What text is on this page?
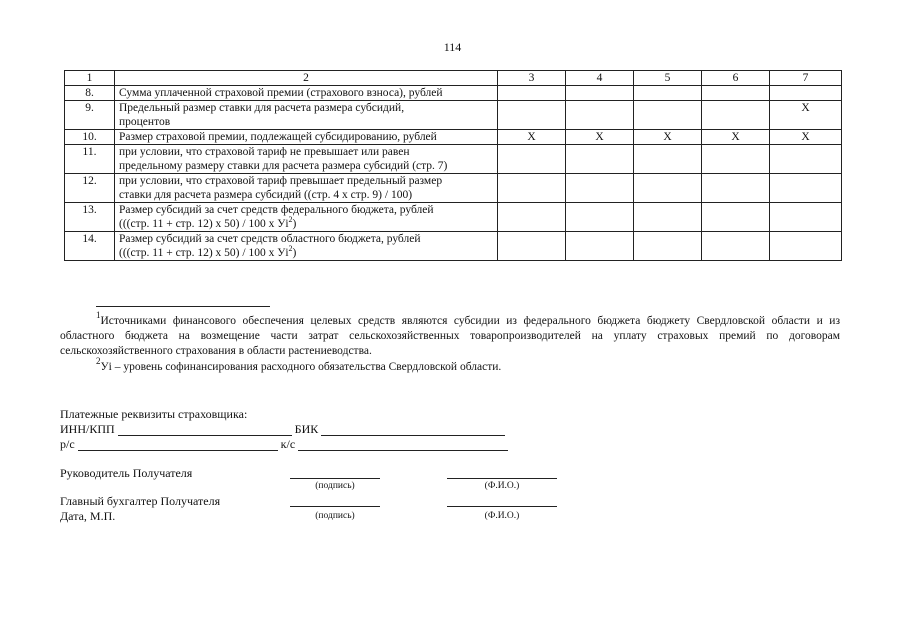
114
1	2	3	4	5	6	7
8.	Сумма уплаченной страховой премии (страхового взноса), рублей					

9.	Предельный размер ставки для расчета размера субсидий,
процентов					X
10.	Размер страховой премии, подлежащей субсидированию, рублей	X	X	X	X	X
11.	при условии, что страховой тариф не превышает или равен
предельному размеру ставки для расчета размера субсидий (стр. 7)					

12.	при условии, что страховой тариф превышает предельный размер
ставки для расчета размера субсидий ((стр. 4 х стр. 9) / 100)					

13.	Размер субсидий за счет средств федерального бюджета, рублей
(((стр. 11 + стр. 12) х 50) / 100 х $Уi^2$)					

14.	Размер субсидий за счет средств областного бюджета, рублей
(((стр. 11 + стр. 12) х 50) / 100 х $Уi^2$)					

$^1$Источниками финансового обеспечения целевых средств являются субсидии из федерального бюджета бюджету Свердловской области и из областного бюджета на возмещение части затрат сельскохозяйственных товаропроизводителей на уплату страховых премий по договорам сельскохозяйственного страхования в области растениеводства.
$^2$Уi – уровень софинансирования расходного обязательства Свердловской области.
Платежные реквизиты страховщика:
ИНН/КПП	БИК
р/с	к/с
Руководитель Получателя
(подпись)	(Ф.И.О.)
Главный бухгалтер Получателя
Дата, М.П.	(подпись)	(Ф.И.О.)
